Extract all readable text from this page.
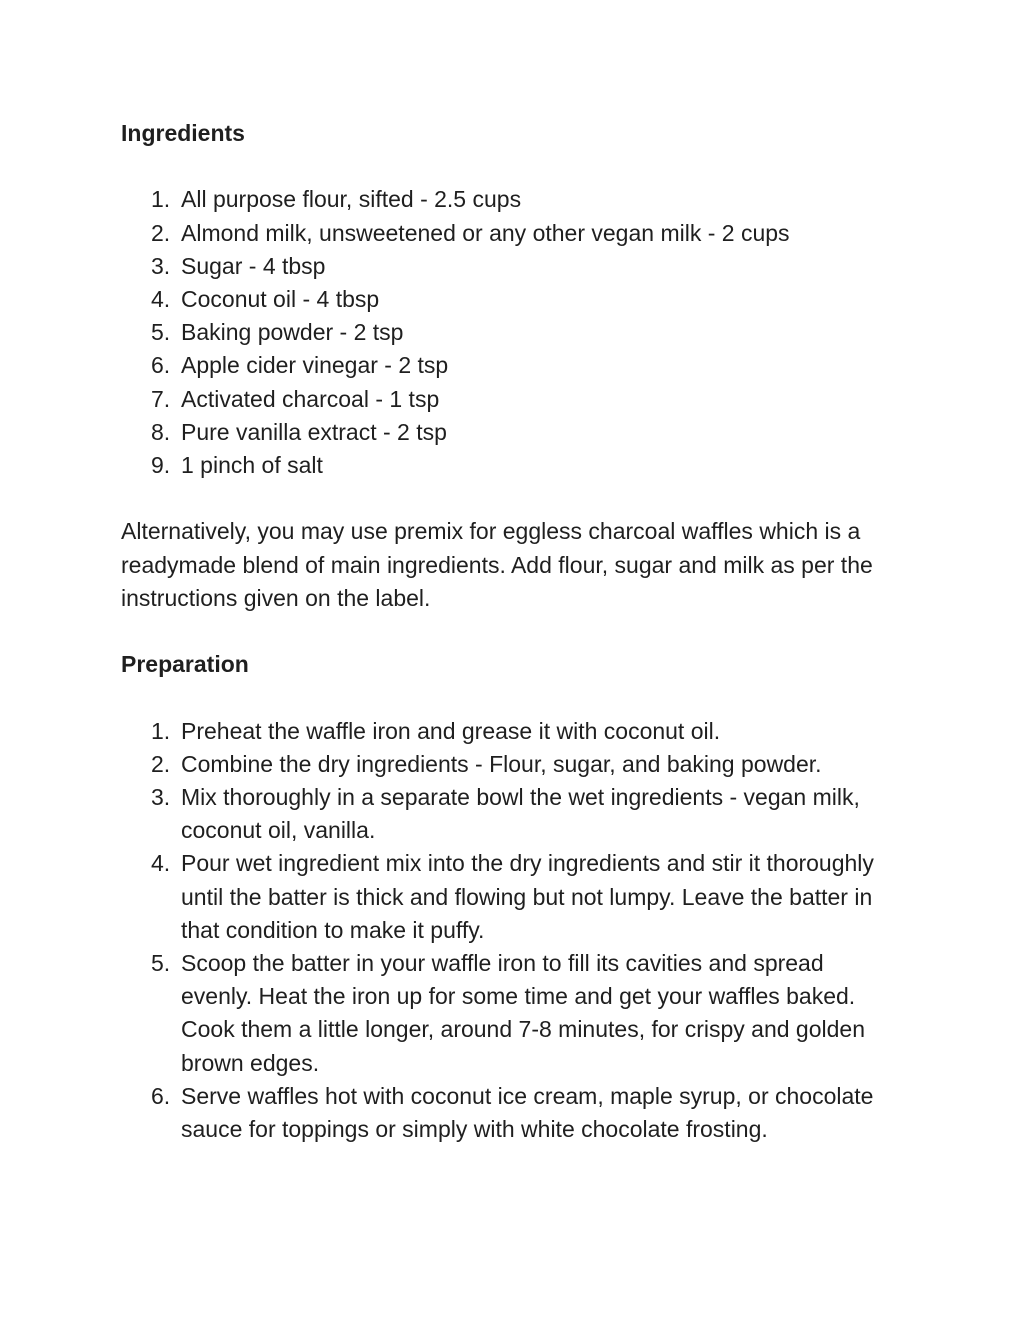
Ingredients
1. All purpose flour, sifted - 2.5 cups
2. Almond milk, unsweetened or any other vegan milk - 2 cups
3. Sugar - 4 tbsp
4. Coconut oil - 4 tbsp
5. Baking powder - 2 tsp
6. Apple cider vinegar - 2 tsp
7. Activated charcoal - 1 tsp
8. Pure vanilla extract - 2 tsp
9. 1 pinch of salt

Alternatively, you may use premix for eggless charcoal waffles which is a readymade blend of main ingredients. Add flour, sugar and milk as per the instructions given on the label.

Preparation
1. Preheat the waffle iron and grease it with coconut oil.
2. Combine the dry ingredients - Flour, sugar, and baking powder.
3. Mix thoroughly in a separate bowl the wet ingredients - vegan milk, coconut oil, vanilla.
4. Pour wet ingredient mix into the dry ingredients and stir it thoroughly until the batter is thick and flowing but not lumpy. Leave the batter in that condition to make it puffy.
5. Scoop the batter in your waffle iron to fill its cavities and spread evenly. Heat the iron up for some time and get your waffles baked. Cook them a little longer, around 7-8 minutes, for crispy and golden brown edges.
6. Serve waffles hot with coconut ice cream, maple syrup, or chocolate sauce for toppings or simply with white chocolate frosting.
